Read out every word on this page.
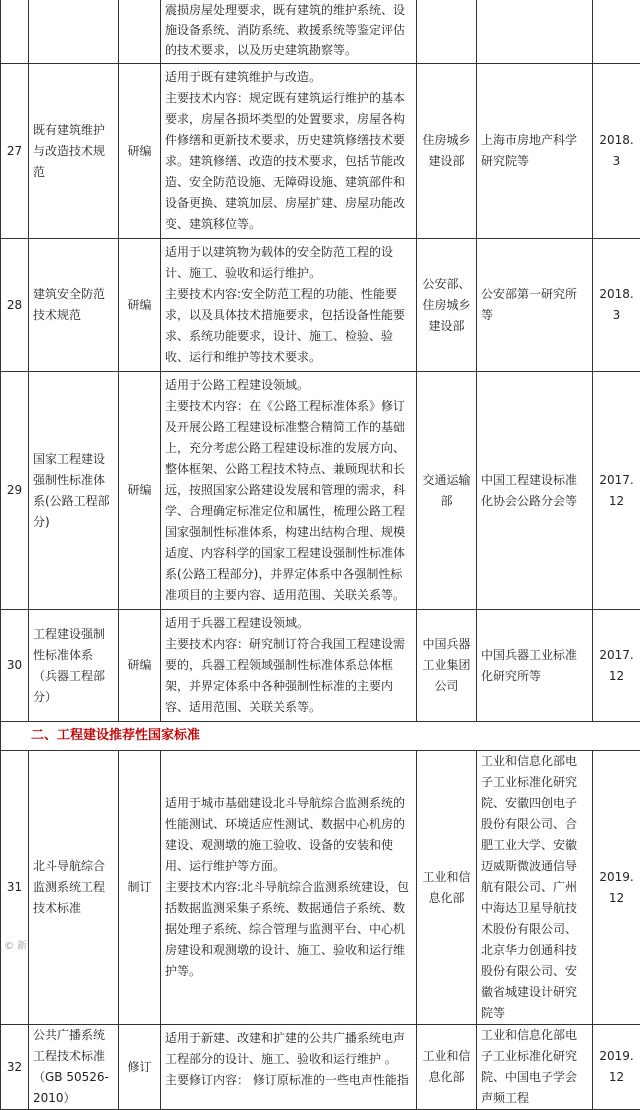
			震损房屋处理要求，既有建筑的维护系统、设施设备系统、消防系统、救援系统等鉴定评估的技术要求，以及历史建筑勘察等。			

27	既有建筑维护与改造技术规范	研编	适用于既有建筑维护与改造。

主要技术内容：规定既有建筑运行维护的基本要求，房屋各损坏类型的处置要求，房屋各构件修缮和更新技术要求，历史建筑修缮技术要求。建筑修缮、改造的技术要求，包括节能改造、安全防范设施、无障碍设施、建筑部件和设备更换、建筑加层、房屋扩建、房屋功能改变、建筑移位等。	住房城乡建设部	上海市房地产科学研究院等	2018.3
28	建筑安全防范技术规范	研编	适用于以建筑物为载体的安全防范工程的设计、施工、验收和运行维护。

主要技术内容:安全防范工程的功能、性能要求，以及具体技术措施要求，包括设备性能要求、系统功能要求，设计、施工、检验、验收、运行和维护等技术要求。	公安部、住房城乡建设部	公安部第一研究所等	2018.3
29	国家工程建设强制性标准体系(公路工程部分)	研编	适用于公路工程建设领域。

主要技术内容：在《公路工程标准体系》修订及开展公路工程建设标准整合精简工作的基础上，充分考虑公路工程建设标准的发展方向、整体框架、公路工程技术特点、兼顾现状和长远，按照国家公路建设发展和管理的需求，科学、合理确定标准定位和属性，梳理公路工程国家强制性标准体系，构建出结构合理、规模适度、内容科学的国家工程建设强制性标准体系(公路工程部分)，并界定体系中各强制性标准项目的主要内容、适用范围、关联关系等。	交通运输部	中国工程建设标准化协会公路分会等	2017.12
30	工程建设强制性标准体系（兵器工程部分）	研编	适用于兵器工程建设领域。

主要技术内容：研究制订符合我国工程建设需要的，兵器工程领域强制性标准体系总体框架，并界定体系中各种强制性标准的主要内容、适用范围、关联关系等。	中国兵器工业集团公司	中国兵器工业标准化研究所等	2017.12
二、工程建设推荐性国家标准						
31	北斗导航综合监测系统工程技术标准	制订	适用于城市基础建设北斗导航综合监测系统的性能测试、环境适应性测试、数据中心机房的建设、观测墩的施工验收、设备的安装和使用、运行维护等方面。

主要技术内容:北斗导航综合监测系统建设，包括数据监测采集子系统、数据通信子系统、数据处理子系统、综合管理与监测平台、中心机房建设和观测墩的设计、施工、验收和运行维护等。	工业和信息化部	工业和信息化部电子工业标准化研究院、安徽四创电子股份有限公司、合肥工业大学、安徽迈威斯微波通信导航有限公司、广州中海达卫星导航技术股份有限公司、北京华力创通科技股份有限公司、安徽省城建设计研究院等	2019.12
32	公共广播系统工程技术标准（GB 50526-2010）	修订	适用于新建、改建和扩建的公共广播系统电声工程部分的设计、施工、验收和运行维护 。

主要修订内容： 修订原标准的一些电声性能指	工业和信息化部	工业和信息化部电子工业标准化研究院、中国电子学会声频工程	2019.12
© 新
